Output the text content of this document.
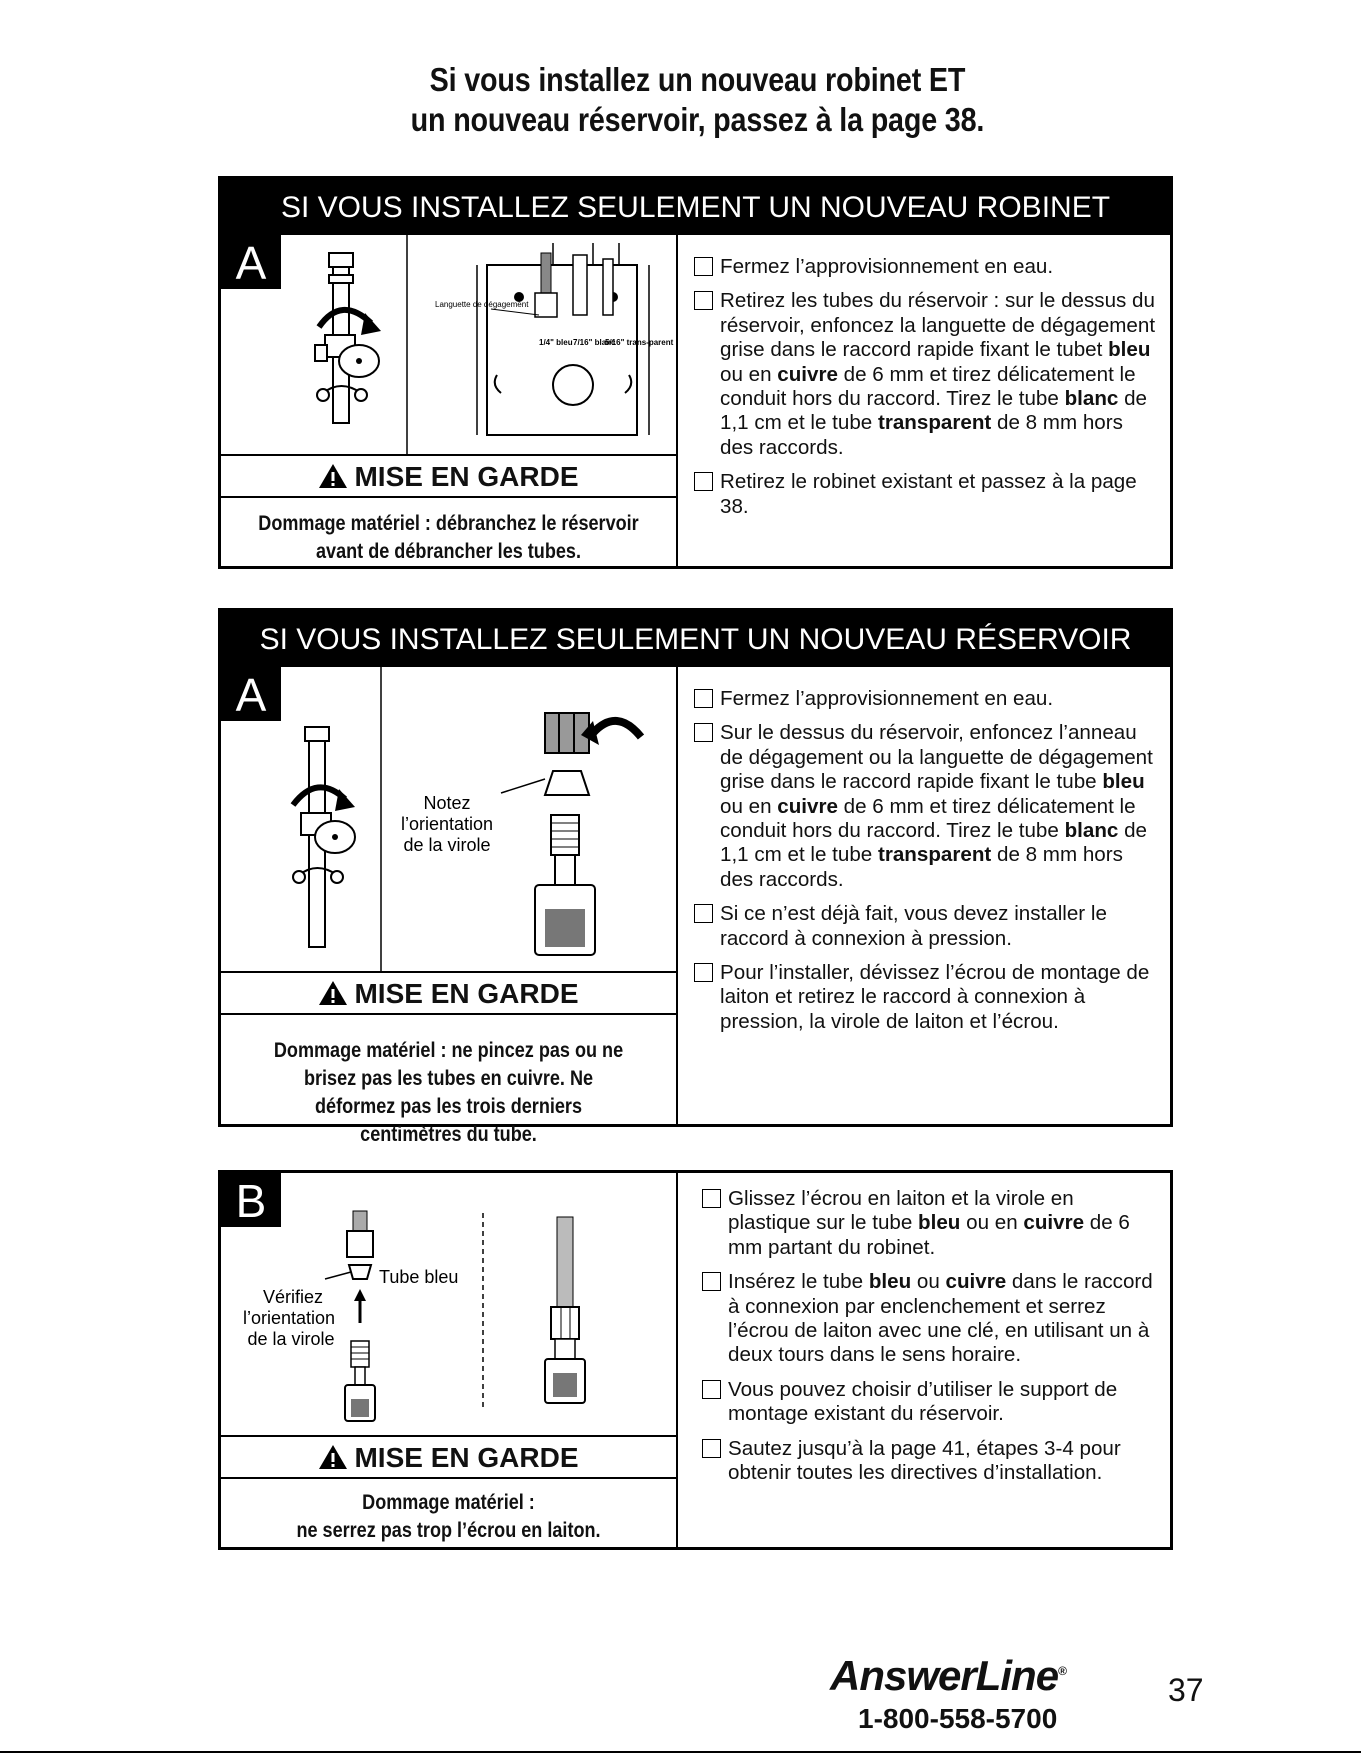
Si vous installez un nouveau robinet ET
un nouveau réservoir, passez à la page 38.
SI VOUS INSTALLEZ SEULEMENT UN NOUVEAU ROBINET
A
Languette de dégagement
1/4" bleu 7/16" blanc
5/16" trans-parent
MISE EN GARDE
Dommage matériel : débranchez le réservoir avant de débrancher les tubes.
Fermez l’approvisionnement en eau.
Retirez les tubes du réservoir : sur le dessus du réservoir, enfoncez la languette de dégagement grise dans le raccord rapide fixant le tubet bleu ou en cuivre de 6 mm et tirez délicatement le conduit hors du raccord. Tirez le tube blanc de 1,1 cm et le tube transparent de 8 mm hors des raccords.
Retirez le robinet existant et passez à la page 38.
SI VOUS INSTALLEZ SEULEMENT UN NOUVEAU RÉSERVOIR
A
Notez
l’orientation
de la virole
MISE EN GARDE
Dommage matériel : ne pincez pas ou ne brisez pas les tubes en cuivre. Ne déformez pas les trois derniers centimètres du tube.
Fermez l’approvisionnement en eau.
Sur le dessus du réservoir, enfoncez l’anneau de dégagement ou la languette de dégagement grise dans le raccord rapide fixant le tube bleu ou en cuivre de 6 mm et tirez délicatement le conduit hors du raccord. Tirez le tube blanc de 1,1 cm et le tube transparent de 8 mm hors des raccords.
Si ce n’est déjà fait, vous devez installer le raccord à connexion à pression.
Pour l’installer, dévissez l’écrou de montage de laiton et retirez le raccord à connexion à pression, la virole de laiton et l’écrou.
B
Tube bleu
Vérifiez
l’orientation
de la virole
MISE EN GARDE
Dommage matériel :
ne serrez pas trop l’écrou en laiton.
Glissez l’écrou en laiton et la virole en plastique sur le tube bleu ou en cuivre de 6 mm partant du robinet.
Insérez le tube bleu ou cuivre dans le raccord à connexion par enclenchement et serrez l’écrou de laiton avec une clé, en utilisant un à deux tours dans le sens horaire.
Vous pouvez choisir d’utiliser le support de montage existant du réservoir.
Sautez jusqu’à la page 41, étapes 3-4 pour obtenir toutes les directives d’installation.
AnswerLine®
1-800-558-5700
37
